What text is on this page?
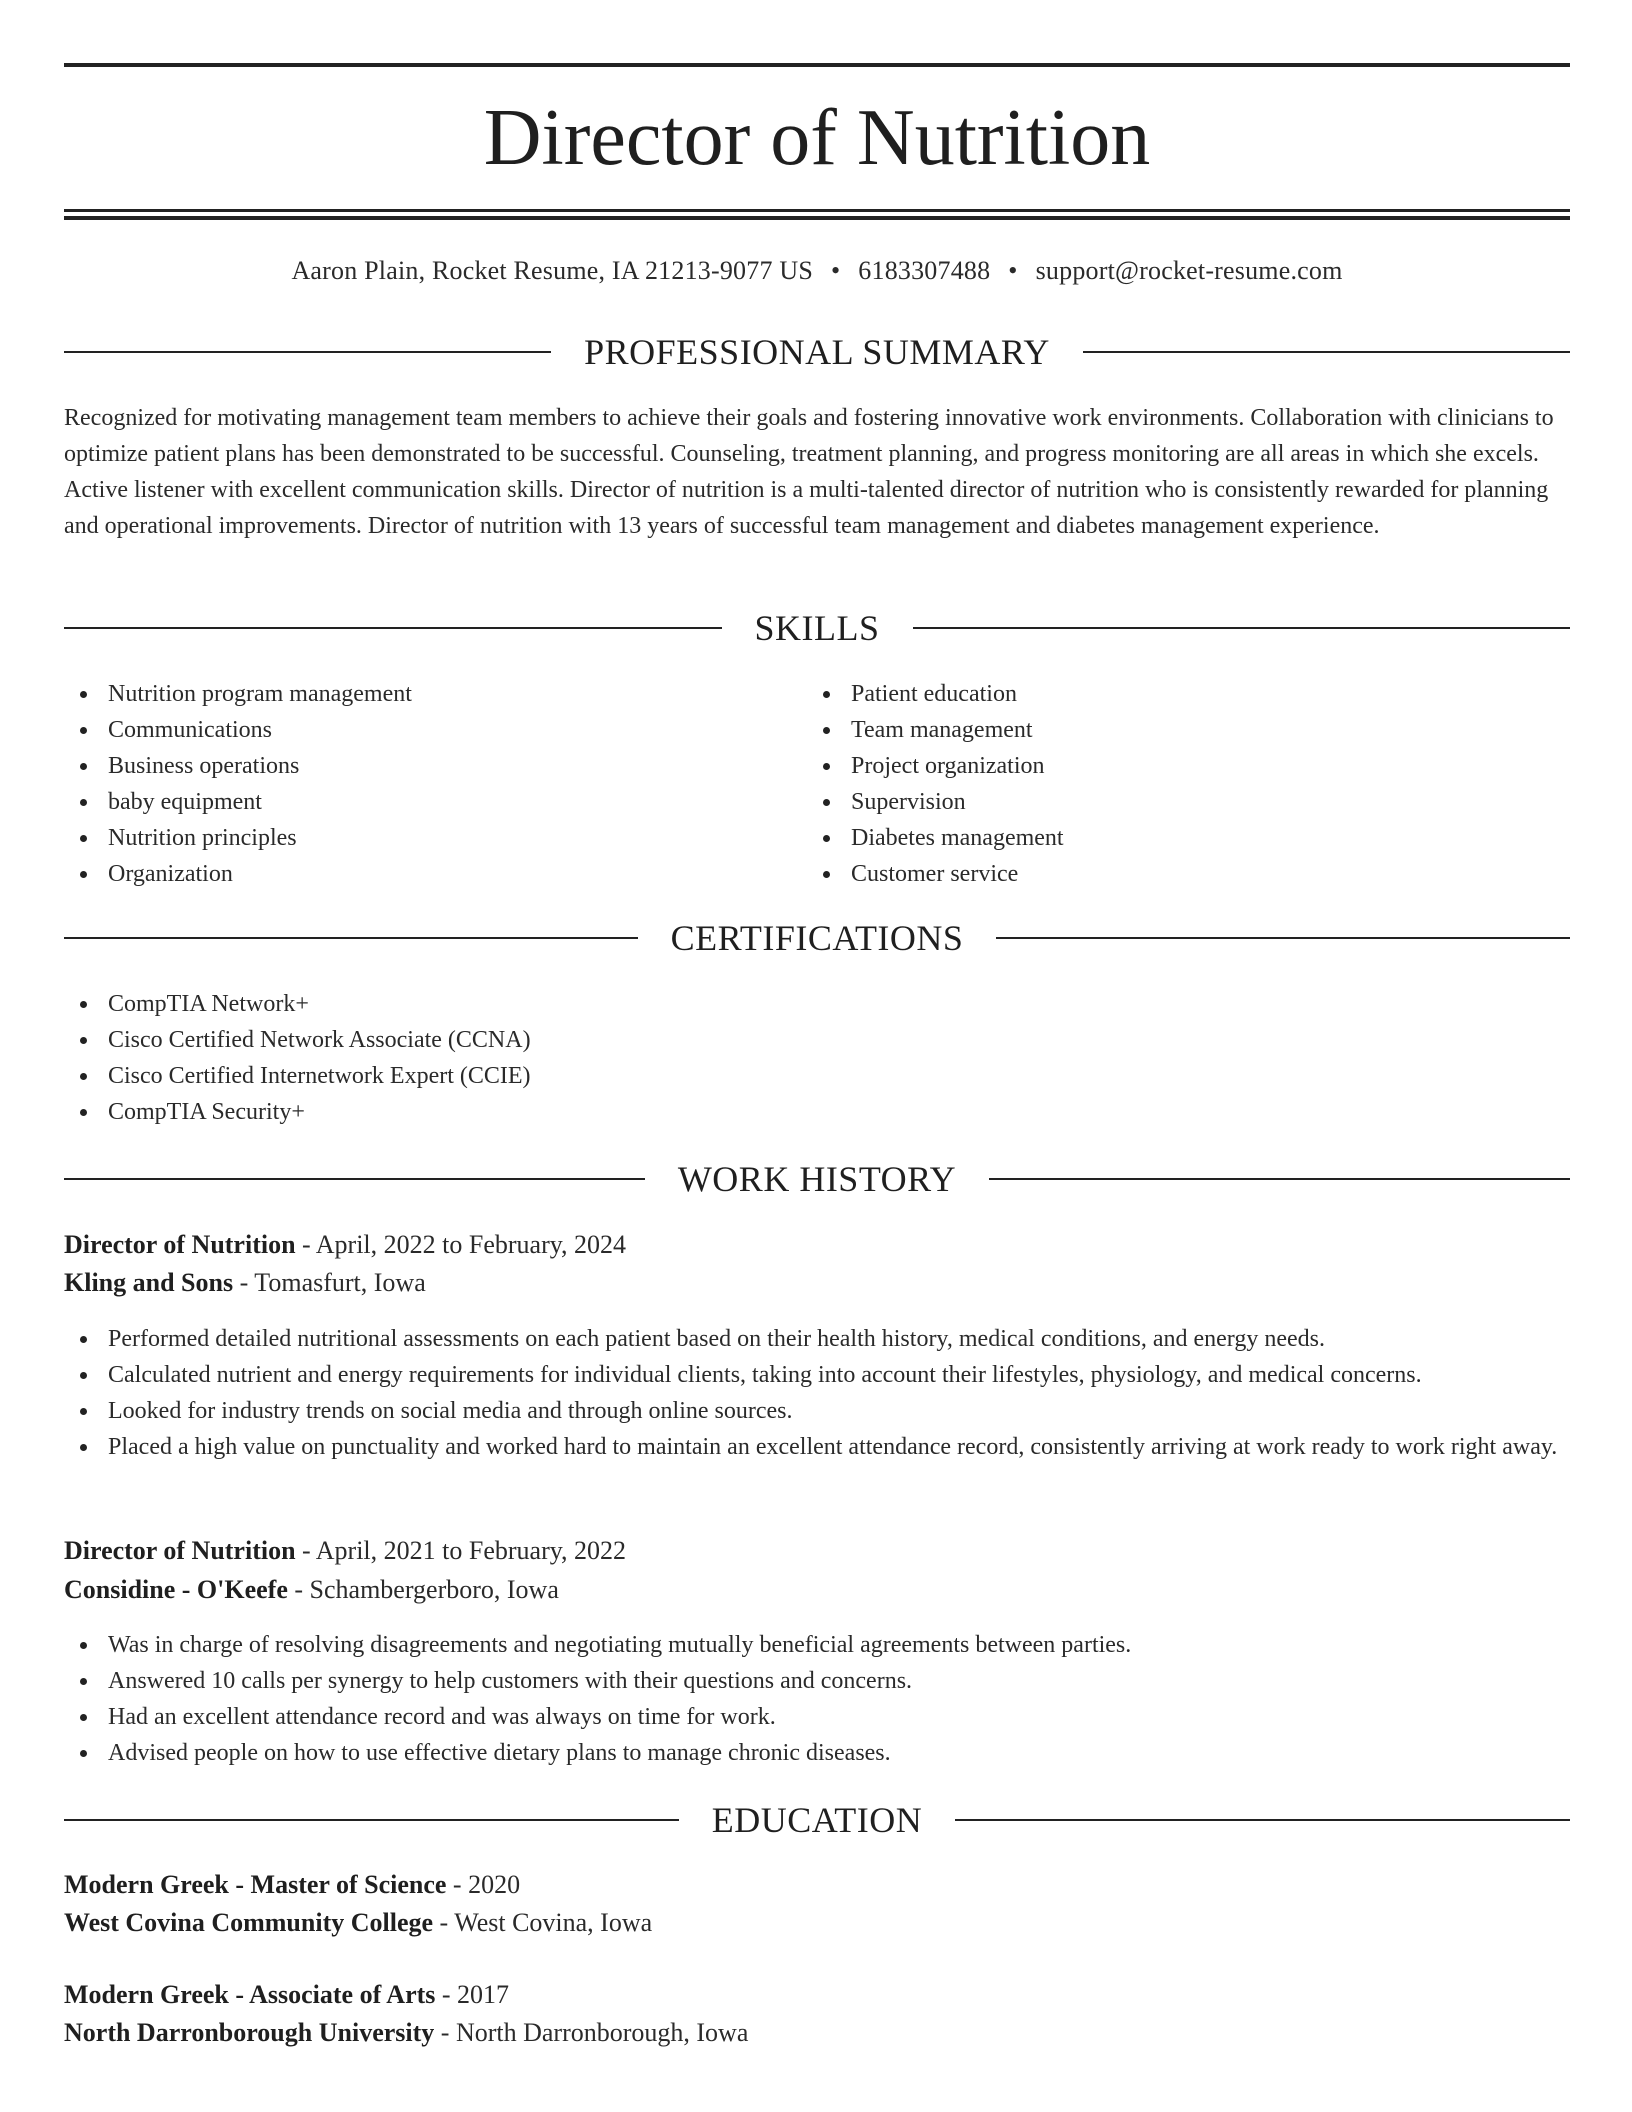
Director of Nutrition
Aaron Plain, Rocket Resume, IA 21213-9077 US • 6183307488 • support@rocket-resume.com
PROFESSIONAL SUMMARY

Recognized for motivating management team members to achieve their goals and fostering innovative work environments. Collaboration with clinicians to optimize patient plans has been demonstrated to be successful. Counseling, treatment planning, and progress monitoring are all areas in which she excels. Active listener with excellent communication skills. Director of nutrition is a multi-talented director of nutrition who is consistently rewarded for planning and operational improvements. Director of nutrition with 13 years of successful team management and diabetes management experience.

SKILLS
Nutrition program management
Communications
Business operations
baby equipment
Nutrition principles
Organization
Patient education
Team management
Project organization
Supervision
Diabetes management
Customer service
CERTIFICATIONS
CompTIA Network+
Cisco Certified Network Associate (CCNA)
Cisco Certified Internetwork Expert (CCIE)
CompTIA Security+
WORK HISTORY
Director of Nutrition - April, 2022 to February, 2024
Kling and Sons - Tomasfurt, Iowa
Performed detailed nutritional assessments on each patient based on their health history, medical conditions, and energy needs.
Calculated nutrient and energy requirements for individual clients, taking into account their lifestyles, physiology, and medical concerns.
Looked for industry trends on social media and through online sources.
Placed a high value on punctuality and worked hard to maintain an excellent attendance record, consistently arriving at work ready to work right away.
Director of Nutrition - April, 2021 to February, 2022
Considine - O'Keefe - Schambergerboro, Iowa
Was in charge of resolving disagreements and negotiating mutually beneficial agreements between parties.
Answered 10 calls per synergy to help customers with their questions and concerns.
Had an excellent attendance record and was always on time for work.
Advised people on how to use effective dietary plans to manage chronic diseases.
EDUCATION
Modern Greek - Master of Science - 2020
West Covina Community College - West Covina, Iowa
Modern Greek - Associate of Arts - 2017
North Darronborough University - North Darronborough, Iowa
